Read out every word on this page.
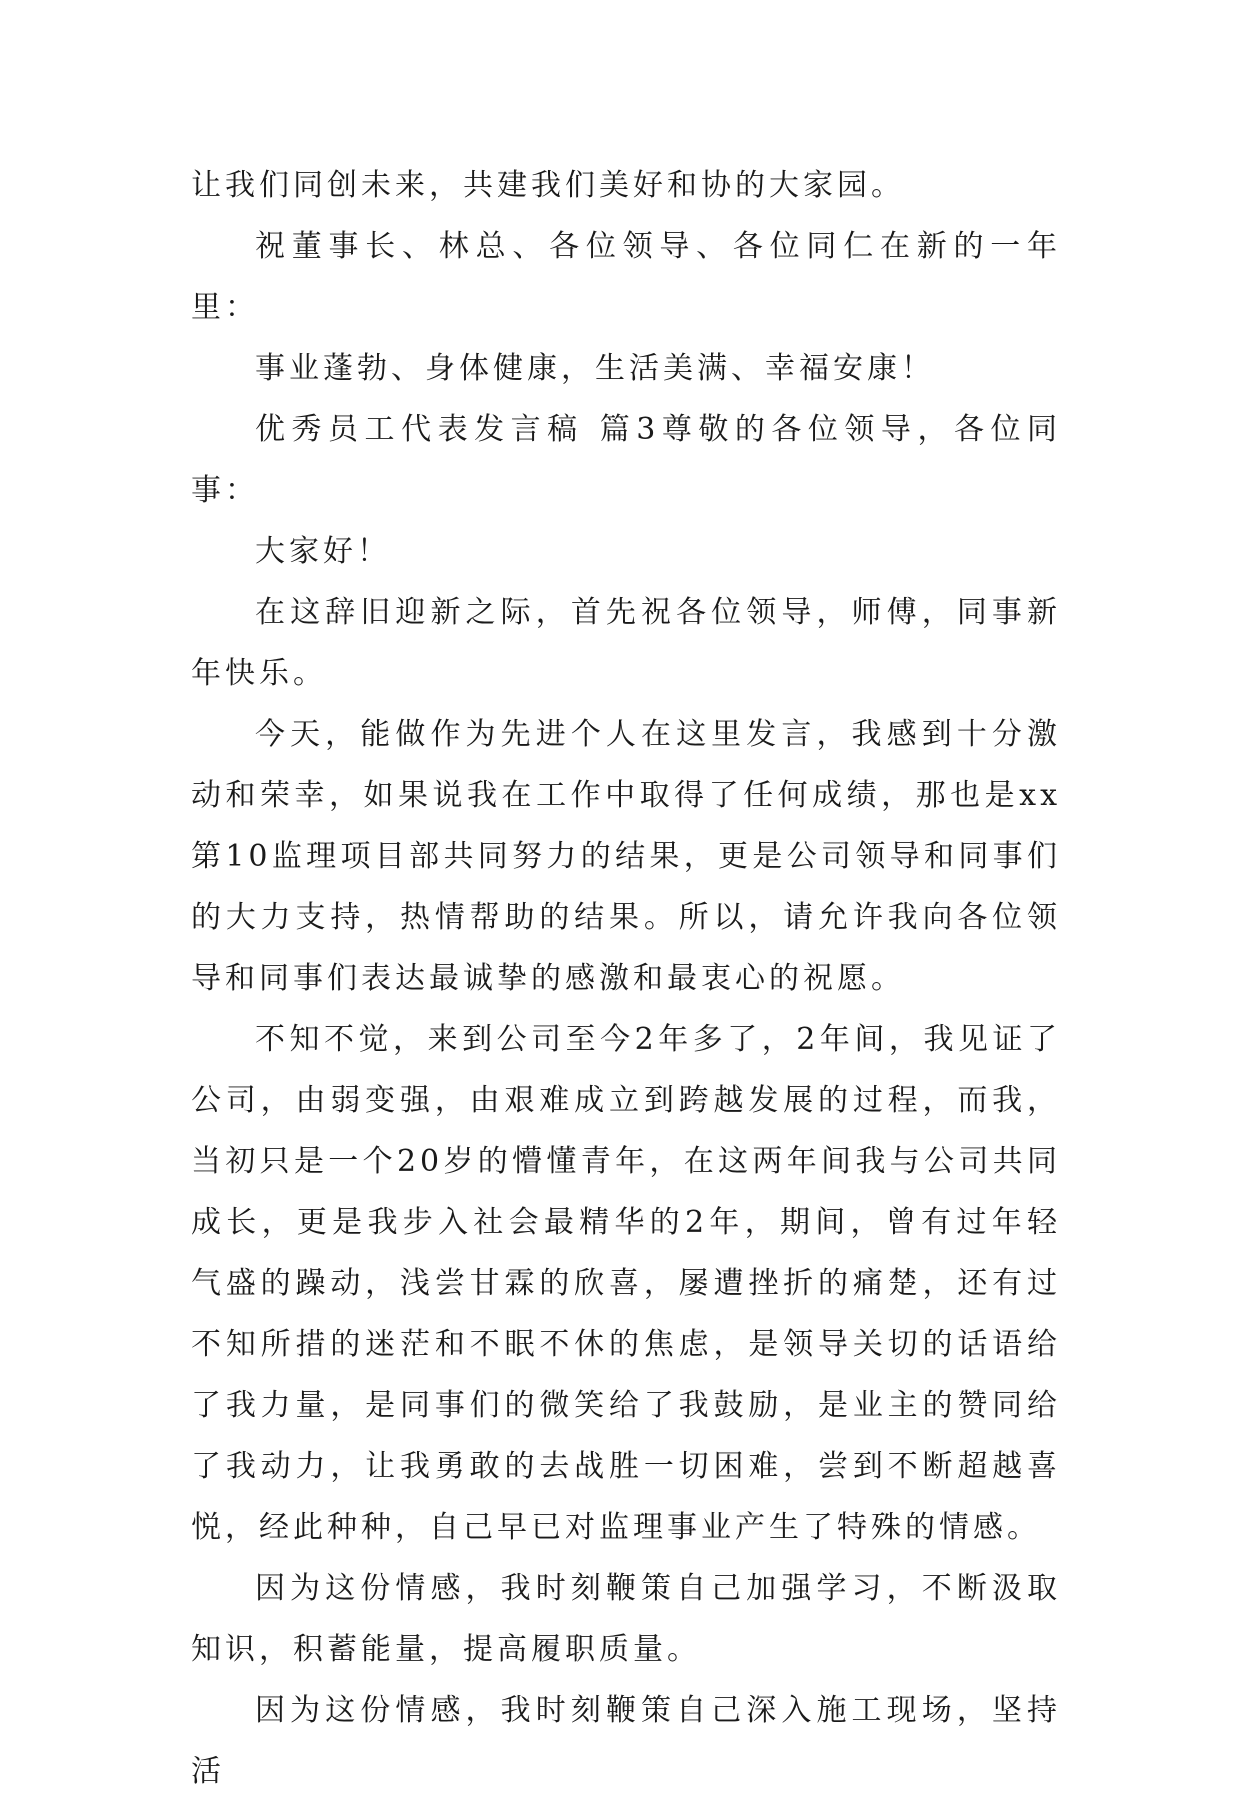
让我们同创未来，共建我们美好和协的大家园。

祝董事长、林总、各位领导、各位同仁在新的一年里：

事业蓬勃、身体健康，生活美满、幸福安康！

优秀员工代表发言稿 篇3尊敬的各位领导，各位同事：

大家好！

在这辞旧迎新之际，首先祝各位领导，师傅，同事新年快乐。

今天，能做作为先进个人在这里发言，我感到十分激动和荣幸，如果说我在工作中取得了任何成绩，那也是xx第10监理项目部共同努力的结果，更是公司领导和同事们的大力支持，热情帮助的结果。所以，请允许我向各位领导和同事们表达最诚挚的感激和最衷心的祝愿。

不知不觉，来到公司至今2年多了，2年间，我见证了公司，由弱变强，由艰难成立到跨越发展的过程，而我，当初只是一个20岁的懵懂青年，在这两年间我与公司共同成长，更是我步入社会最精华的2年，期间，曾有过年轻气盛的躁动，浅尝甘霖的欣喜，屡遭挫折的痛楚，还有过不知所措的迷茫和不眠不休的焦虑，是领导关切的话语给了我力量，是同事们的微笑给了我鼓励，是业主的赞同给了我动力，让我勇敢的去战胜一切困难，尝到不断超越喜悦，经此种种，自己早已对监理事业产生了特殊的情感。

因为这份情感，我时刻鞭策自己加强学习，不断汲取知识，积蓄能量，提高履职质量。

因为这份情感，我时刻鞭策自己深入施工现场，坚持活
